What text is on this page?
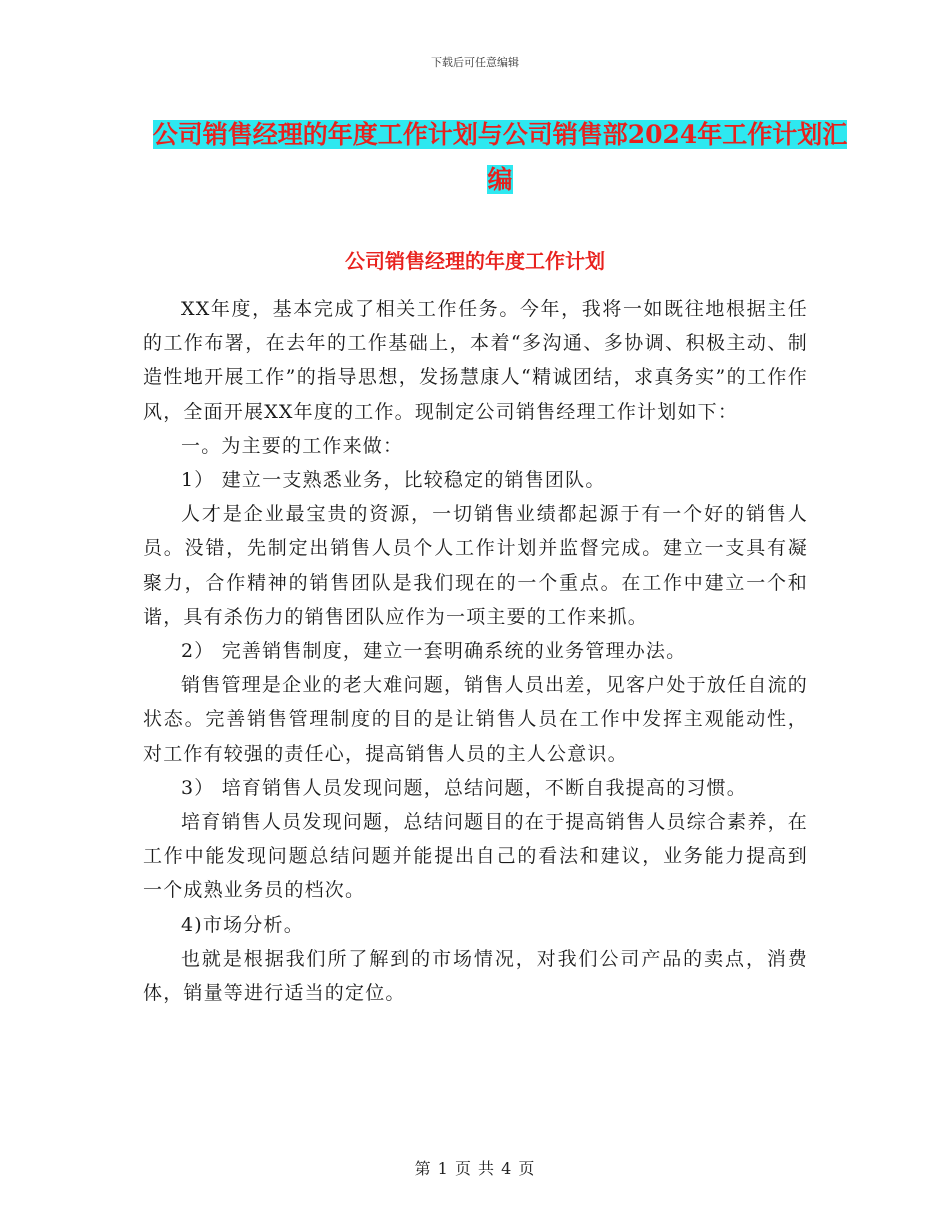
下载后可任意编辑
公司销售经理的年度工作计划与公司销售部2024年工作计划汇编
公司销售经理的年度工作计划

XX年度，基本完成了相关工作任务。今年，我将一如既往地根据主任的工作布署，在去年的工作基础上，本着“多沟通、多协调、积极主动、制造性地开展工作”的指导思想，发扬慧康人“精诚团结，求真务实”的工作作风，全面开展XX年度的工作。现制定公司销售经理工作计划如下：

一。为主要的工作来做：

1） 建立一支熟悉业务，比较稳定的销售团队。

人才是企业最宝贵的资源，一切销售业绩都起源于有一个好的销售人员。没错，先制定出销售人员个人工作计划并监督完成。建立一支具有凝聚力，合作精神的销售团队是我们现在的一个重点。在工作中建立一个和谐，具有杀伤力的销售团队应作为一项主要的工作来抓。

2） 完善销售制度，建立一套明确系统的业务管理办法。

销售管理是企业的老大难问题，销售人员出差，见客户处于放任自流的状态。完善销售管理制度的目的是让销售人员在工作中发挥主观能动性，对工作有较强的责任心，提高销售人员的主人公意识。

3） 培育销售人员发现问题，总结问题，不断自我提高的习惯。

培育销售人员发现问题，总结问题目的在于提高销售人员综合素养，在工作中能发现问题总结问题并能提出自己的看法和建议，业务能力提高到一个成熟业务员的档次。

4)市场分析。

也就是根据我们所了解到的市场情况，对我们公司产品的卖点，消费体，销量等进行适当的定位。

第 1 页 共 4 页
